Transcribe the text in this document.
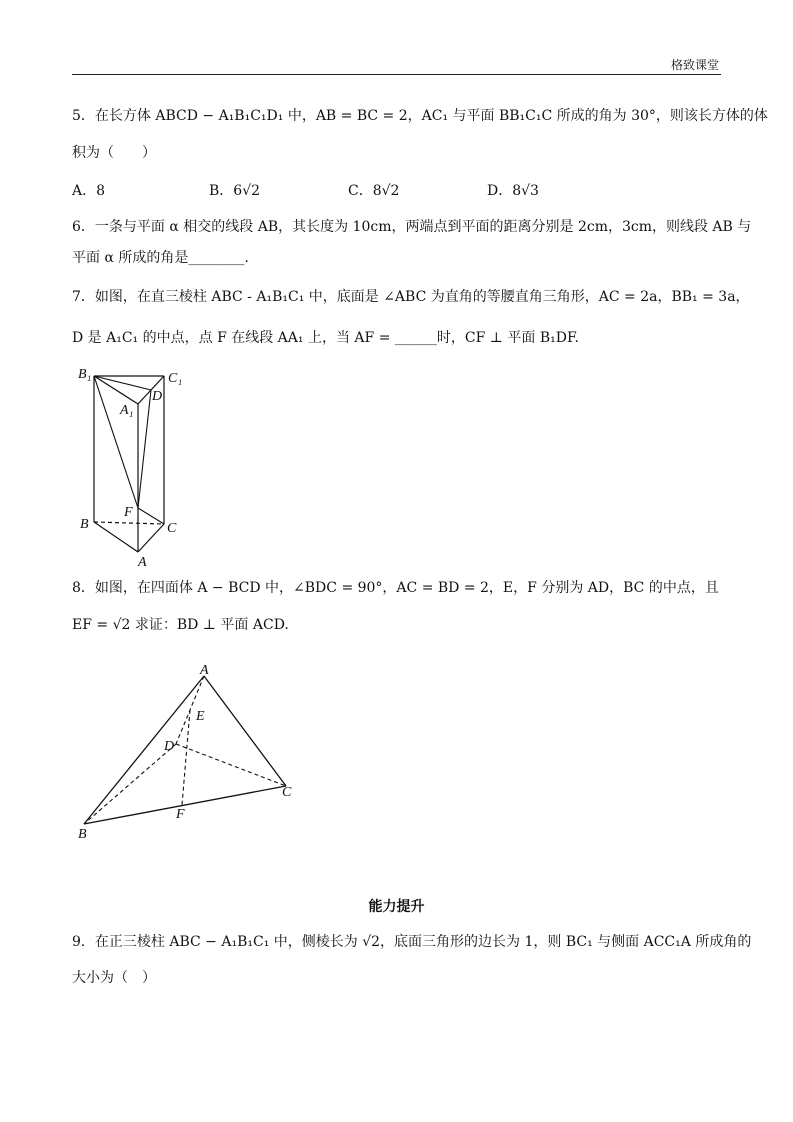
格致课堂
5．在长方体 ABCD − A₁B₁C₁D₁ 中，AB = BC = 2，AC₁ 与平面 BB₁C₁C 所成的角为 30°，则该长方体的体
积为（　　）
A．8	B．6√2	C．8√2	D．8√3
6．一条与平面 α 相交的线段 AB，其长度为 10cm，两端点到平面的距离分别是 2cm，3cm，则线段 AB 与
平面 α 所成的角是________.
7．如图，在直三棱柱 ABC - A₁B₁C₁ 中，底面是 ∠ABC 为直角的等腰直角三角形，AC = 2a，BB₁ = 3a，
D 是 A₁C₁ 的中点，点 F 在线段 AA₁ 上，当 AF = ______时，CF ⊥ 平面 B₁DF.
B₁	C₁
A₁
D
F
B	C
A
8．如图，在四面体 A − BCD 中，∠BDC = 90°，AC = BD = 2，E，F 分别为 AD，BC 的中点，且
EF = √2 求证：BD ⊥ 平面 ACD.
A
E
D
C
F
B
能力提升
9．在正三棱柱 ABC − A₁B₁C₁ 中，侧棱长为 √2，底面三角形的边长为 1，则 BC₁ 与侧面 ACC₁A 所成角的
大小为（　）
